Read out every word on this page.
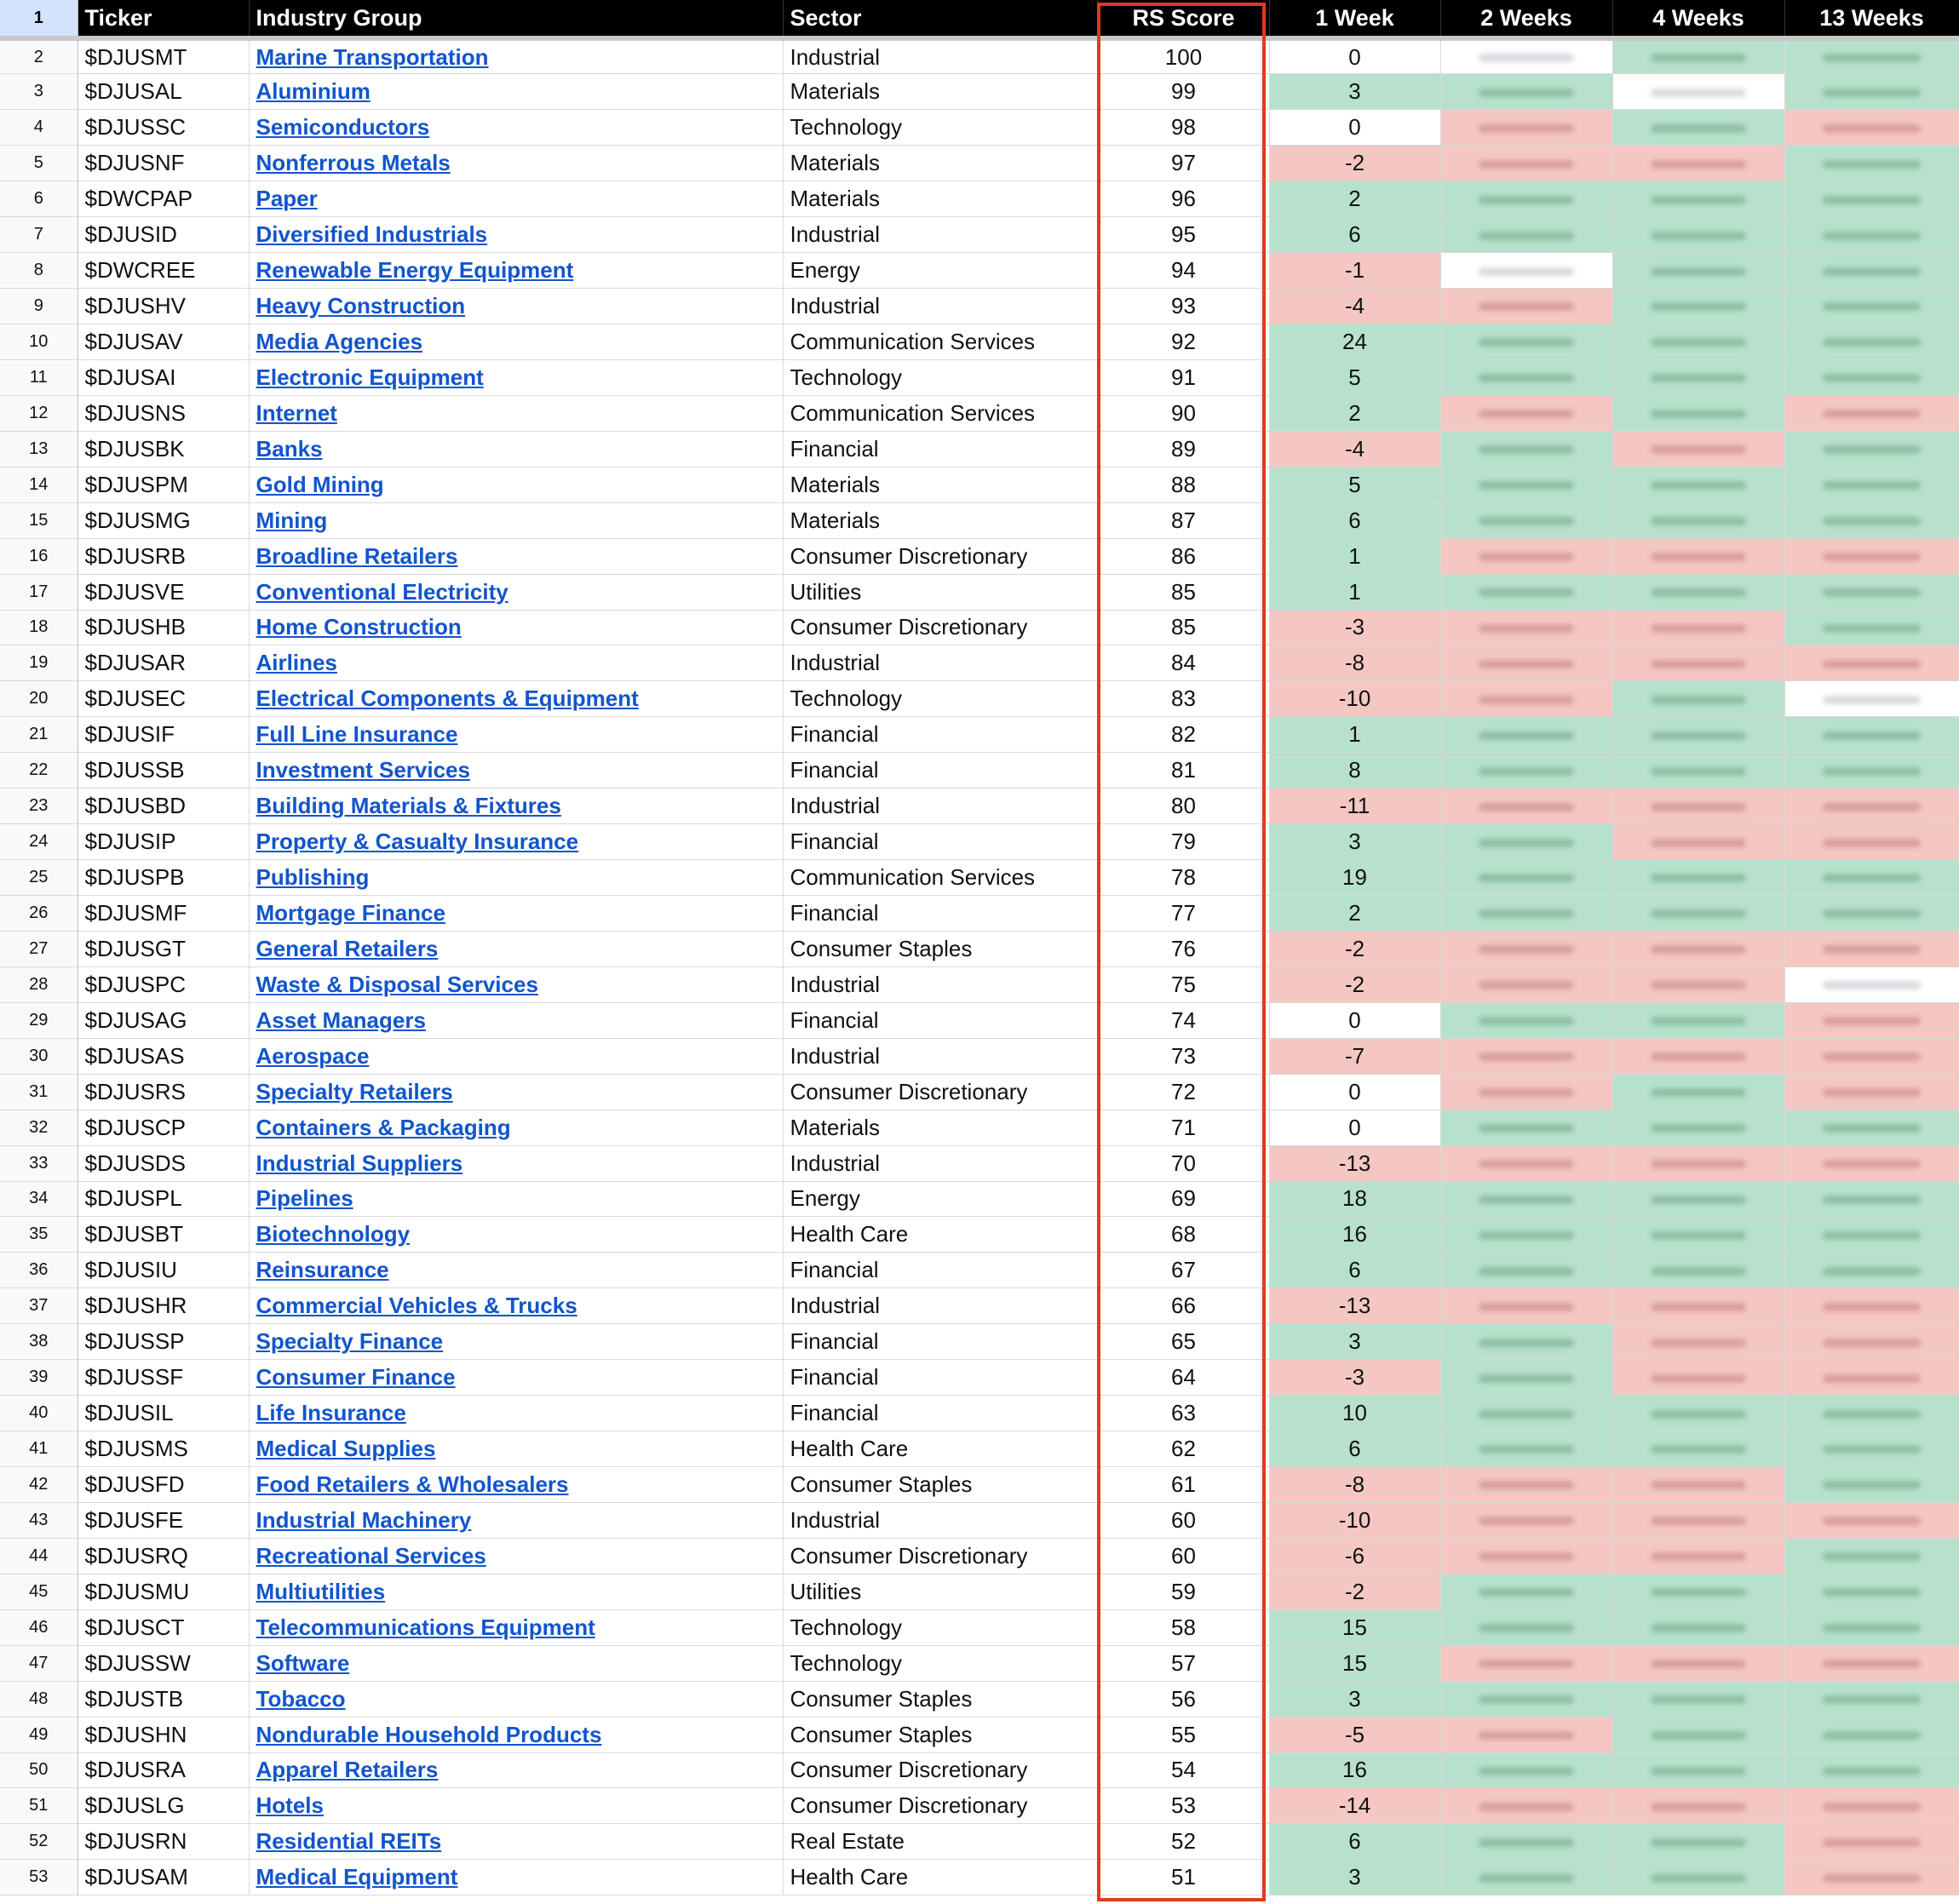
1	Ticker	Industry Group	Sector	RS Score	1 Week	2 Weeks	4 Weeks	13 Weeks
2	$DJUSMT	Marine Transportation	Industrial	100	0	

3	$DJUSAL	Aluminium	Materials	99	3	

4	$DJUSSC	Semiconductors	Technology	98	0	

5	$DJUSNF	Nonferrous Metals	Materials	97	-2	

6	$DWCPAP	Paper	Materials	96	2	

7	$DJUSID	Diversified Industrials	Industrial	95	6	

8	$DWCREE	Renewable Energy Equipment	Energy	94	-1	

9	$DJUSHV	Heavy Construction	Industrial	93	-4	

10	$DJUSAV	Media Agencies	Communication Services	92	24	

11	$DJUSAI	Electronic Equipment	Technology	91	5	

12	$DJUSNS	Internet	Communication Services	90	2	

13	$DJUSBK	Banks	Financial	89	-4	

14	$DJUSPM	Gold Mining	Materials	88	5	

15	$DJUSMG	Mining	Materials	87	6	

16	$DJUSRB	Broadline Retailers	Consumer Discretionary	86	1	

17	$DJUSVE	Conventional Electricity	Utilities	85	1	

18	$DJUSHB	Home Construction	Consumer Discretionary	85	-3	

19	$DJUSAR	Airlines	Industrial	84	-8	

20	$DJUSEC	Electrical Components & Equipment	Technology	83	-10	

21	$DJUSIF	Full Line Insurance	Financial	82	1	

22	$DJUSSB	Investment Services	Financial	81	8	

23	$DJUSBD	Building Materials & Fixtures	Industrial	80	-11	

24	$DJUSIP	Property & Casualty Insurance	Financial	79	3	

25	$DJUSPB	Publishing	Communication Services	78	19	

26	$DJUSMF	Mortgage Finance	Financial	77	2	

27	$DJUSGT	General Retailers	Consumer Staples	76	-2	

28	$DJUSPC	Waste & Disposal Services	Industrial	75	-2	

29	$DJUSAG	Asset Managers	Financial	74	0	

30	$DJUSAS	Aerospace	Industrial	73	-7	

31	$DJUSRS	Specialty Retailers	Consumer Discretionary	72	0	

32	$DJUSCP	Containers & Packaging	Materials	71	0	

33	$DJUSDS	Industrial Suppliers	Industrial	70	-13	

34	$DJUSPL	Pipelines	Energy	69	18	

35	$DJUSBT	Biotechnology	Health Care	68	16	

36	$DJUSIU	Reinsurance	Financial	67	6	

37	$DJUSHR	Commercial Vehicles & Trucks	Industrial	66	-13	

38	$DJUSSP	Specialty Finance	Financial	65	3	

39	$DJUSSF	Consumer Finance	Financial	64	-3	

40	$DJUSIL	Life Insurance	Financial	63	10	

41	$DJUSMS	Medical Supplies	Health Care	62	6	

42	$DJUSFD	Food Retailers & Wholesalers	Consumer Staples	61	-8	

43	$DJUSFE	Industrial Machinery	Industrial	60	-10	

44	$DJUSRQ	Recreational Services	Consumer Discretionary	60	-6	

45	$DJUSMU	Multiutilities	Utilities	59	-2	

46	$DJUSCT	Telecommunications Equipment	Technology	58	15	

47	$DJUSSW	Software	Technology	57	15	

48	$DJUSTB	Tobacco	Consumer Staples	56	3	

49	$DJUSHN	Nondurable Household Products	Consumer Staples	55	-5	

50	$DJUSRA	Apparel Retailers	Consumer Discretionary	54	16	

51	$DJUSLG	Hotels	Consumer Discretionary	53	-14	

52	$DJUSRN	Residential REITs	Real Estate	52	6	

53	$DJUSAM	Medical Equipment	Health Care	51	3	
